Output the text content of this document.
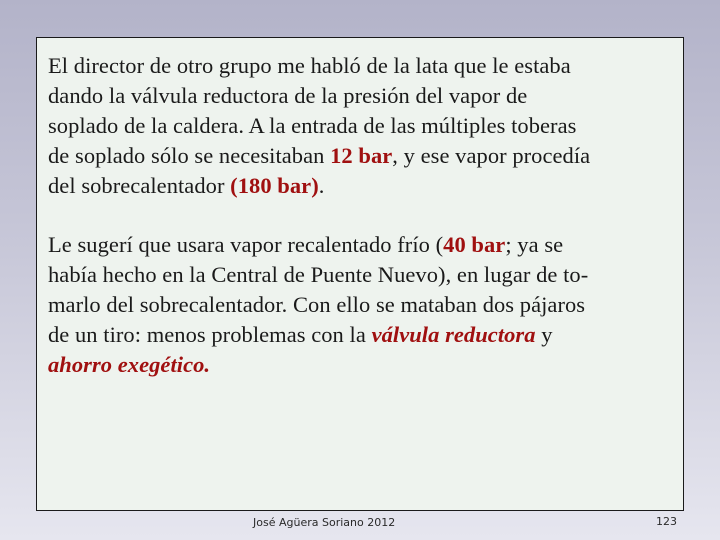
El director de otro grupo me habló de la lata que le estaba
dando la válvula reductora de la presión del vapor de
soplado de la caldera. A la entrada de las múltiples toberas
de soplado sólo se necesitaban 12 bar, y ese vapor procedía
del sobrecalentador (180 bar).

Le sugerí que usara vapor recalentado frío (40 bar; ya se
había hecho en la Central de Puente Nuevo), en lugar de to-
marlo del sobrecalentador. Con ello se mataban dos pájaros
de un tiro: menos problemas con la válvula reductora y
ahorro exegético.

José Agüera Soriano 2012	123
